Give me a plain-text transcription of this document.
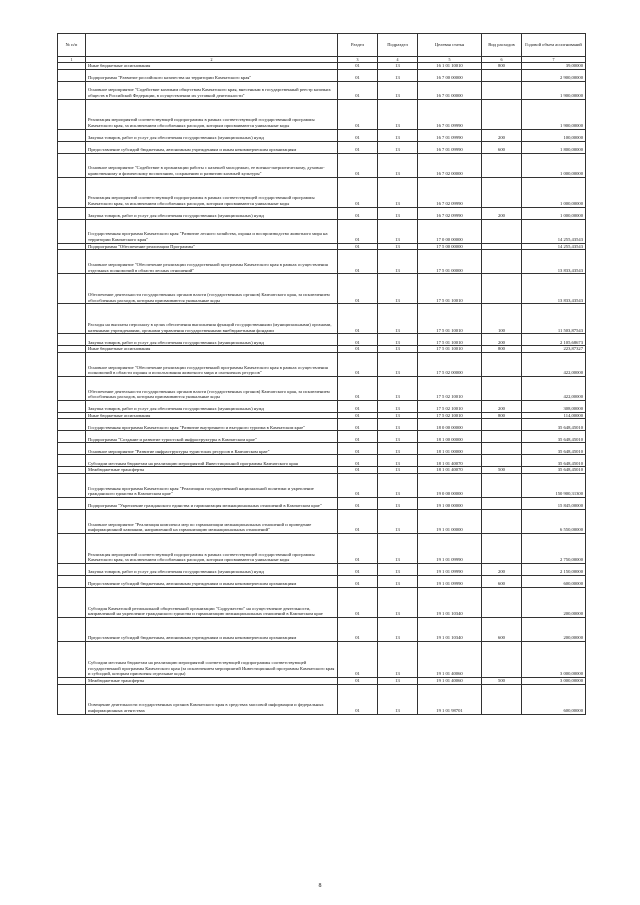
№ п/п		Раздел	Подраздел	Целевая статья	Вид расходов	Годовой объем ассигнований
1	2	3	4	5	6	7
	Иные бюджетные ассигнования	01	13	16 1 01 10010	800	39,00000
	Подпрограмма "Развитие российского казачества на территории Камчатского края"	01	13	16 7 00 00000		2 900,00000
	Основное мероприятие "Содействие казачьим обществам Камчатского края, внесенным в государственный реестр казачьих обществ в Российской Федерации, в осуществлении их уставной деятельности"	01	13	16 7 01 00000		1 900,00000
	Реализация мероприятий соответствующей подпрограммы в рамках соответствующей государственной программы Камчатского края, за исключением обособленных расходов, которым присваиваются уникальные коды	01	13	16 7 01 09990		1 900,00000
	Закупка товаров, работ и услуг для обеспечения государственных (муниципальных) нужд	01	13	16 7 01 09990	200	100,00000
	Предоставление субсидий бюджетным, автономным учреждениям и иным некоммерческим организациям	01	13	16 7 01 09990	600	1 800,00000
	Основное мероприятие "Содействие в организации работы с казачьей молодежью, ее военно-патриотическому, духовно-нравственному и физическому воспитанию, сохранению и развитию казачьей культуры"	01	13	16 7 02 00000		1 000,00000
	Реализация мероприятий соответствующей подпрограммы в рамках соответствующей государственной программы Камчатского края, за исключением обособленных расходов, которым присваиваются уникальные коды	01	13	16 7 02 09990		1 000,00000
	Закупка товаров, работ и услуг для обеспечения государственных (муниципальных) нужд	01	13	16 7 02 09990	200	1 000,00000
	Государственная программа Камчатского края "Развитие лесного хозяйства, охрана и воспроизводство животного мира на территории Камчатского края"	01	13	17 0 00 00000		14 255,43543
	Подпрограмма "Обеспечение реализации Программы"	01	13	17 5 00 00000		14 255,43543
	Основное мероприятие "Обеспечение реализации государственной программы Камчатского края в рамках осуществления отдельных полномочий в области лесных отношений"	01	13	17 5 01 00000		13 833,43543
	Обеспечение деятельности государственных органов власти (государственных органов) Камчатского края, за исключением обособленных расходов, которым присваиваются уникальные коды	01	13	17 5 01 10010		13 833,43543
	Расходы на выплаты персоналу в целях обеспечения выполнения функций государственными (муниципальными) органами, казенными учреждениями, органами управления государственными внебюджетными фондами	01	13	17 5 01 10010	100	11 503,87543
	Закупка товаров, работ и услуг для обеспечения государственных (муниципальных) нужд	01	13	17 5 01 10010	200	2 105,68673
	Иные бюджетные ассигнования	01	13	17 5 01 10010	800	223,87327
	Основное мероприятие "Обеспечение реализации государственной программы Камчатского края в рамках осуществления полномочий в области охраны и использования животного мира и охотничьих ресурсов"	01	13	17 5 02 00000		422,00000
	Обеспечение деятельности государственных органов власти (государственных органов) Камчатского края, за исключением обособленных расходов, которым присваиваются уникальные коды	01	13	17 5 02 10010		422,00000
	Закупка товаров, работ и услуг для обеспечения государственных (муниципальных) нужд	01	13	17 5 02 10010	200	308,00000
	Иные бюджетные ассигнования	01	13	17 5 02 10010	800	114,00000
	Государственная программа Камчатского края "Развитие внутреннего и въездного туризма в Камчатском крае"	01	13	18 0 00 00000		35 648,45010
	Подпрограмма "Создание и развитие туристской инфраструктуры в Камчатском крае"	01	13	18 1 00 00000		35 648,45010
	Основное мероприятие "Развитие инфраструктуры туристских ресурсов в Камчатском крае"	01	13	18 1 01 00000		35 648,45010
	Субсидии местным бюджетам на реализацию мероприятий Инвестиционной программы Камчатского края	01	13	18 1 01 40070		35 648,45010
	Межбюджетные трансферты	01	13	18 1 01 40070	500	35 648,45010
	Государственная программа Камчатского края "Реализация государственной национальной политики и укрепление гражданского единства в Камчатском крае"	01	13	19 0 00 00000		150 900,31300
	Подпрограмма "Укрепление гражданского единства и гармонизация межнациональных отношений в Камчатском крае"	01	13	19 1 00 00000		15 845,00000
	Основное мероприятие "Реализация комплекса мер по гармонизации межнациональных отношений и проведение информационной кампании, направленной на гармонизацию межнациональных отношений"	01	13	19 1 01 00000		6 550,00000
	Реализация мероприятий соответствующей подпрограммы в рамках соответствующей государственной программы Камчатского края, за исключением обособленных расходов, которым присваиваются уникальные коды	01	13	19 1 01 09990		2 750,00000
	Закупка товаров, работ и услуг для обеспечения государственных (муниципальных) нужд	01	13	19 1 01 09990	200	2 150,00000
	Предоставление субсидий бюджетным, автономным учреждениям и иным некоммерческим организациям	01	13	19 1 01 09990	600	600,00000
	Субсидия Камчатской региональной общественной организации "Содружество" на осуществление деятельности, направленной на укрепление гражданского единства и гармонизацию межнациональных отношений в Камчатском крае	01	13	19 1 01 10340		200,00000
	Предоставление субсидий бюджетным, автономным учреждениям и иным некоммерческим организациям	01	13	19 1 01 10340	600	200,00000
	Субсидии местным бюджетам на реализацию мероприятий соответствующей подпрограммы соответствующей государственной программы Камчатского края (за исключением мероприятий Инвестиционной программы Камчатского края и субсидий, которым присвоены отдельные коды)	01	13	19 1 01 40060		3 000,00000
	Межбюджетные трансферты	01	13	19 1 01 40060	500	3 000,00000
	Освещение деятельности государственных органов Камчатского края в средствах массовой информации и федеральных информационных агентствах	01	13	19 1 01 98701		600,00000
8
